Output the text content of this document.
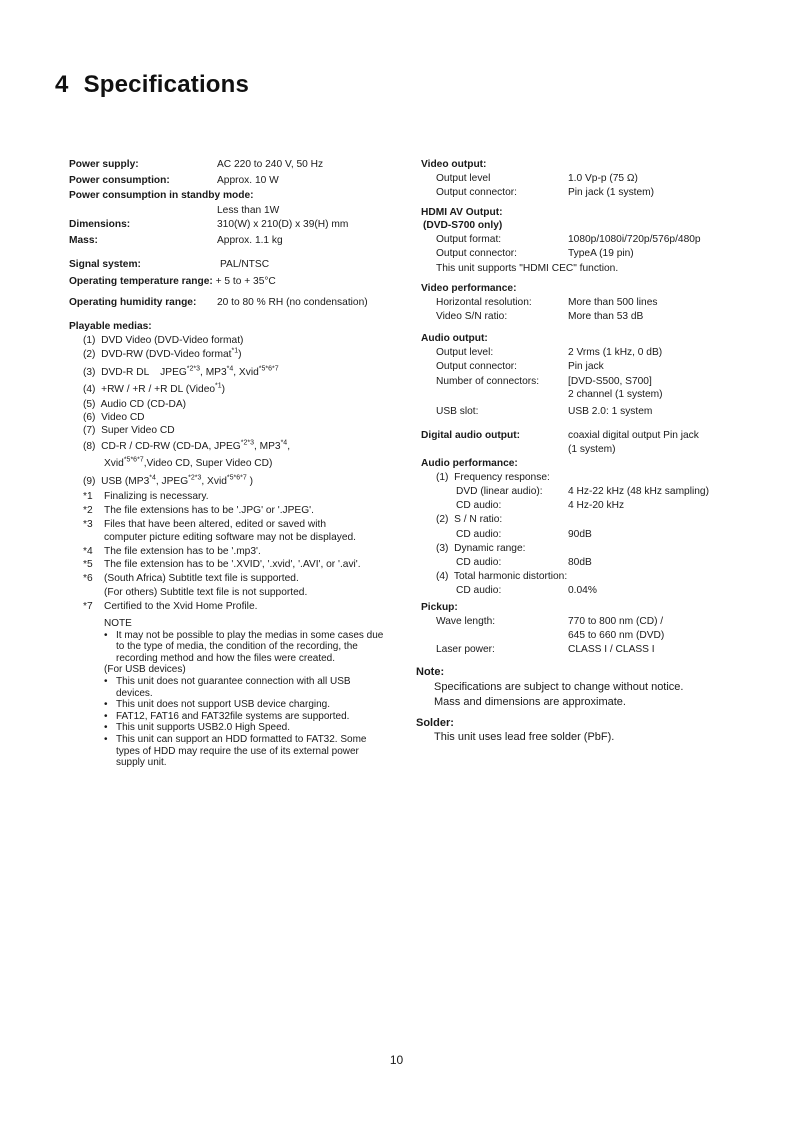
4 Specifications
Power supply:	AC 220 to 240 V, 50 Hz
Power consumption:	Approx. 10 W
Power consumption in standby mode:
Less than 1W
Dimensions:	310(W) x 210(D) x 39(H) mm
Mass:	Approx. 1.1 kg
Signal system:	PAL/NTSC
Operating temperature range: + 5 to + 35°C
Operating humidity range: 20 to 80 % RH (no condensation)
Playable medias:
(1) DVD Video (DVD-Video format)
(2) DVD-RW (DVD-Video format$^{*1}$)
(3) DVD-R DL    $JPEG^{*2*3}$, MP3$^{*4}$, Xvid$^{*5*6*7}$
(4) +RW / +R / +R DL (Video$^{*1}$)
(5) Audio CD (CD-DA)
(6) Video CD
(7) Super Video CD
(8) CD-R / CD-RW (CD-DA, $JPEG^{*2*3}$, MP3$^{*4}$,
Xvid$^{*5*6*7}$,Video CD, Super Video CD)
(9) USB (MP3$^{*4}$, $JPEG^{*2*3}$, Xvid$^{*5*6*7}$ )
*1 Finalizing is necessary.
*2 The file extensions has to be '.JPG' or '.JPEG'.
*3 Files that have been altered, edited or saved with
computer picture editing software may not be displayed.
*4 The file extension has to be '.mp3'.
*5 The file extension has to be '.XVID', '.xvid', '.AVI', or '.avi'.
*6 (South Africa) Subtitle text file is supported.
(For others) Subtitle text file is not supported.
*7 Certified to the Xvid Home Profile.
NOTE
• It may not be possible to play the medias in some cases due to the type of media, the condition of the recording, the recording method and how the files were created.
(For USB devices)
• This unit does not guarantee connection with all USB devices.
• This unit does not support USB device charging.
• FAT12, FAT16 and FAT32file systems are supported.
• This unit supports USB2.0 High Speed.
• This unit can support an HDD formatted to FAT32. Some types of HDD may require the use of its external power supply unit.
Video output:
Output level	1.0 Vp-p (75 Ω)
Output connector:	Pin jack (1 system)
HDMI AV Output:
(DVD-S700 only)
Output format:	1080p/1080i/720p/576p/480p
Output connector:	TypeA (19 pin)
This unit supports "HDMI CEC" function.
Video performance:
Horizontal resolution:	More than 500 lines
Video S/N ratio:	More than 53 dB
Audio output:
Output level:	2 Vrms (1 kHz, 0 dB)
Output connector:	Pin jack
Number of connectors:	[DVD-S500, S700]
2 channel (1 system)
USB slot:	USB 2.0: 1 system
Digital audio output:	coaxial digital output Pin jack
(1 system)
Audio performance:
(1)  Frequency response:
DVD (linear audio): 4 Hz-22 kHz (48 kHz sampling)
CD audio:	4 Hz-20 kHz
(2)  S / N ratio:
CD audio:	90dB
(3)  Dynamic range:
CD audio:	80dB
(4)  Total harmonic distortion:
CD audio:	0.04%
Pickup:
Wave length:	770 to 800 nm (CD) /
645 to 660 nm (DVD)
Laser power:	CLASS I / CLASS I
Note:
Specifications are subject to change without notice.
Mass and dimensions are approximate.
Solder:
This unit uses lead free solder (PbF).
10
